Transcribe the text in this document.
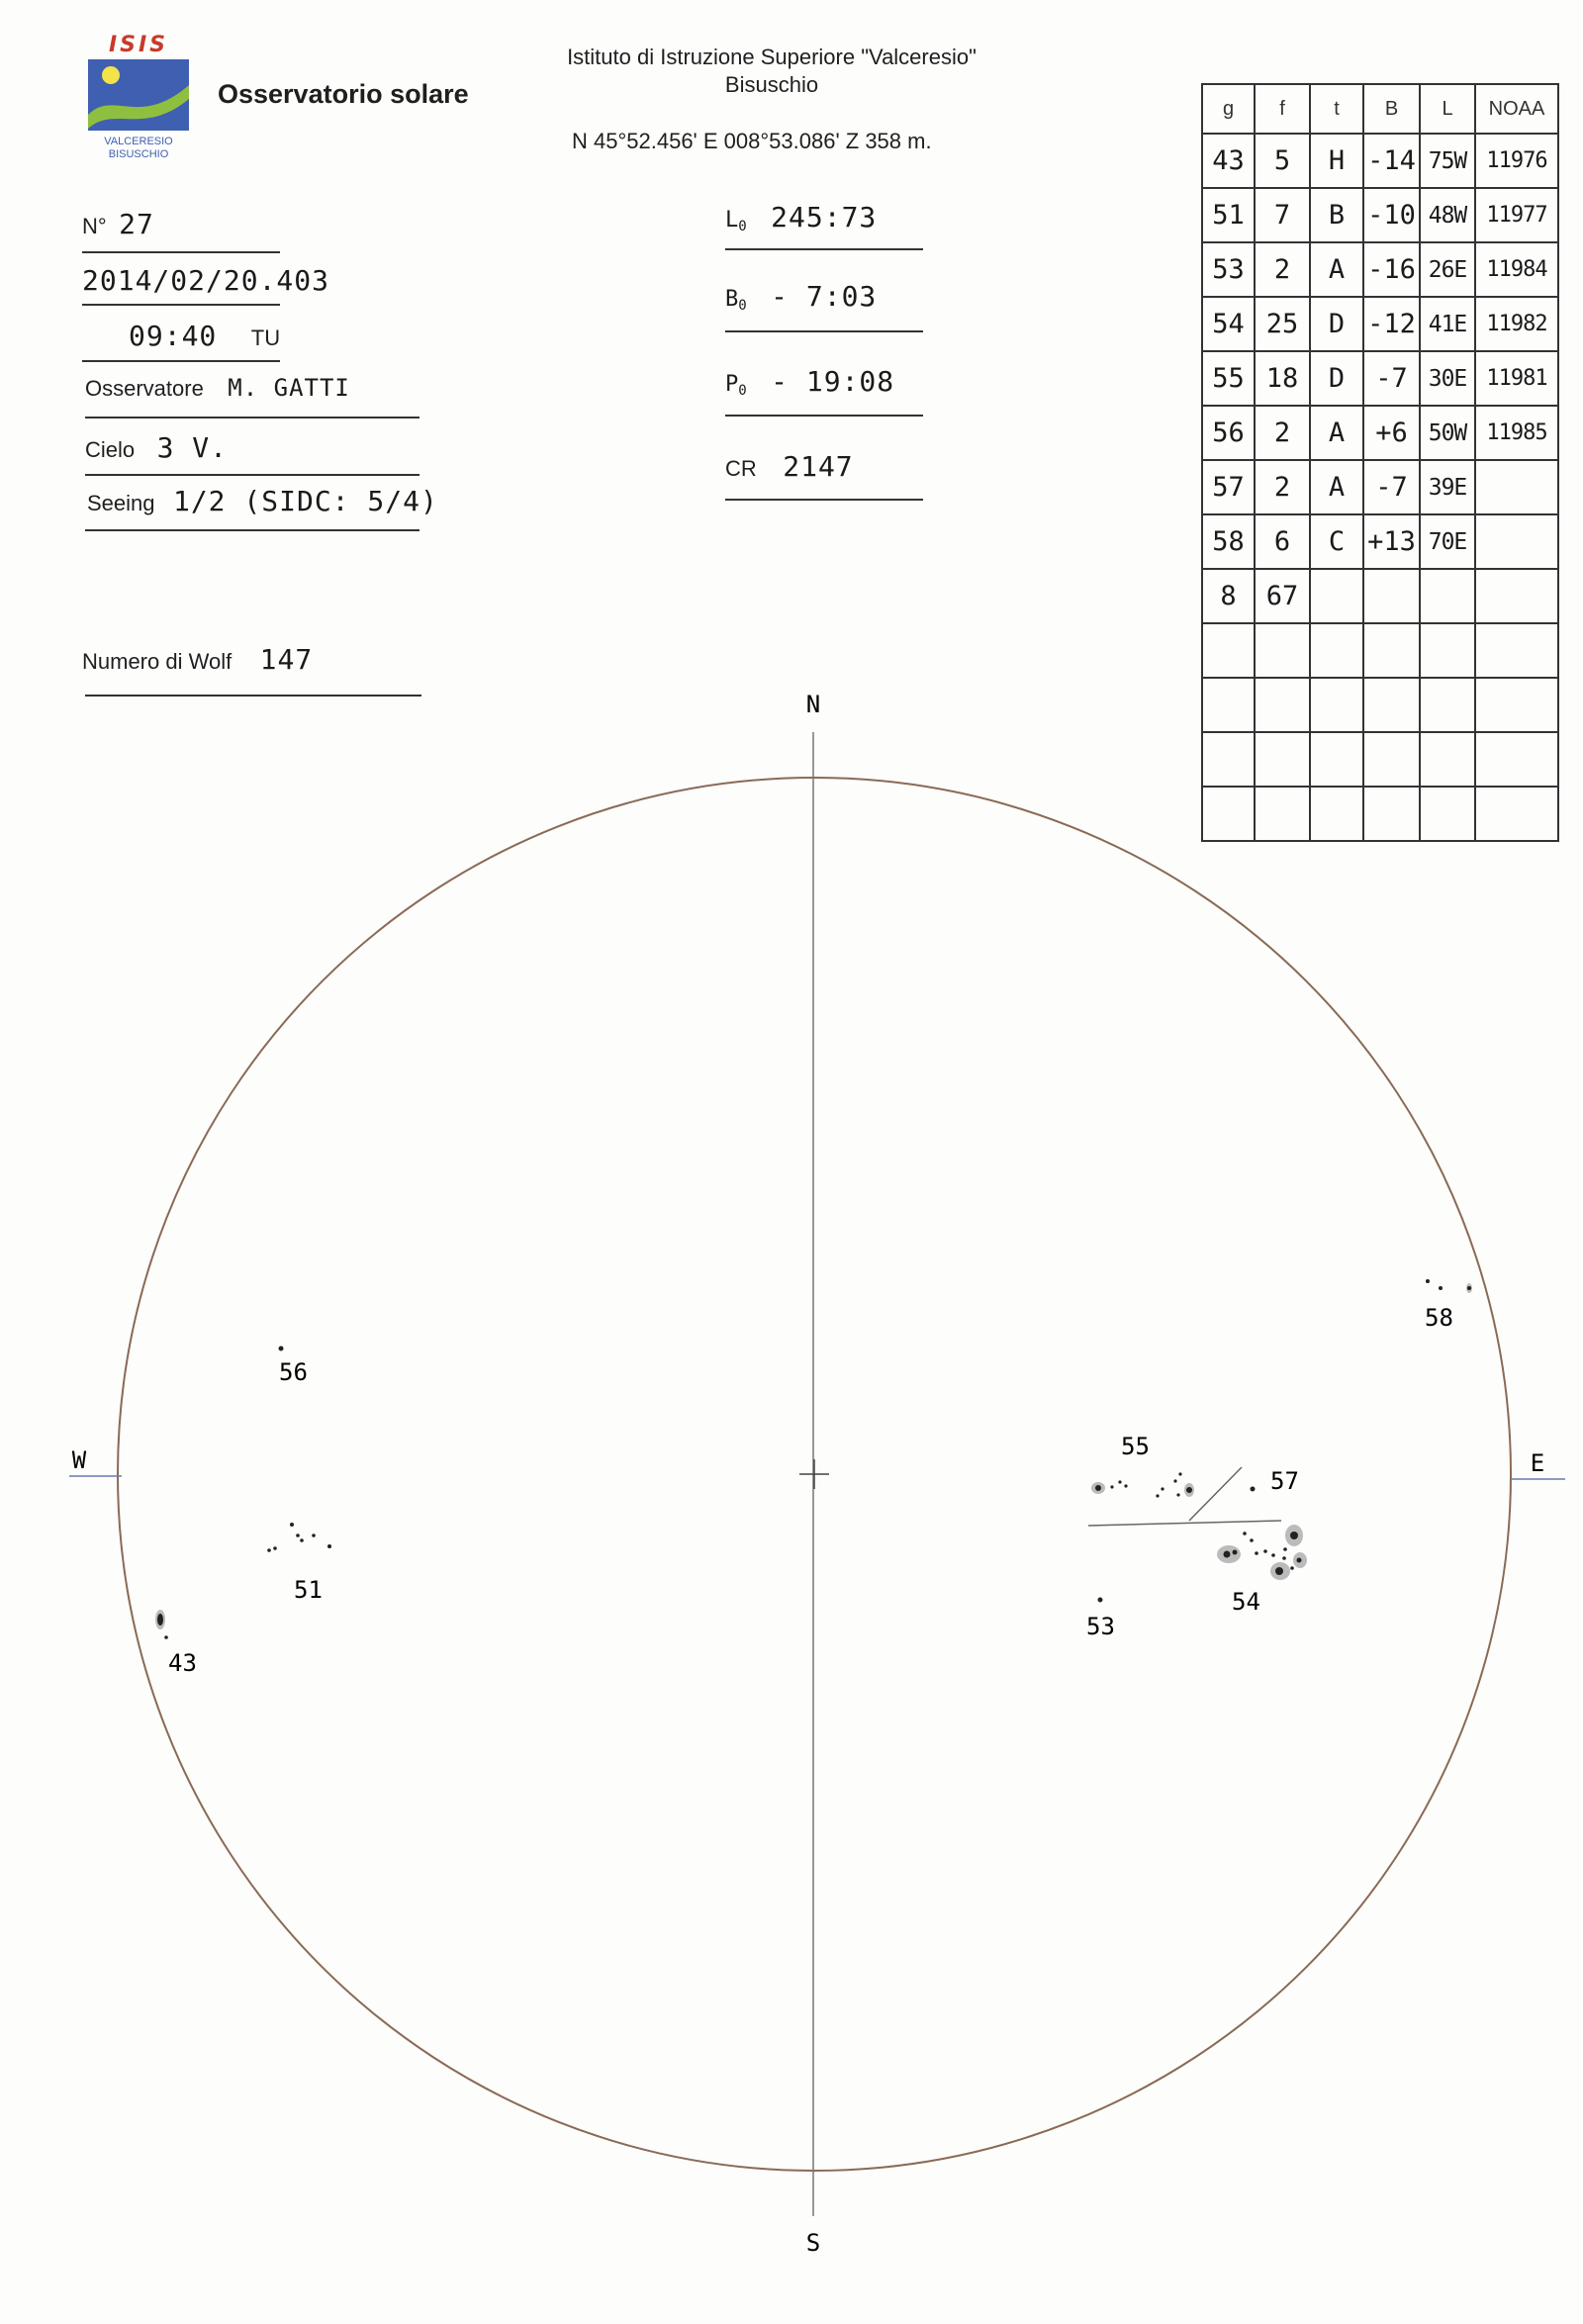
ISIS
VALCERESIO
BISUSCHIO
Osservatorio solare
Istituto di Istruzione Superiore "Valceresio"
Bisuschio
N 45°52.456' E 008°53.086' Z 358 m.
N° 27
2014/02/20.403
09:40 TU
Osservatore M. GATTI
Cielo 3 V.
Seeing 1/2 (SIDC: 5/4)
Numero di Wolf 147
$L_0$ 245:73
$B_0$ - 7:03
$P_0$ - 19:08
CR 2147
g	f	t	B	L	NOAA
43	5	H	-14	75W	11976
51	7	B	-10	48W	11977
53	2	A	-16	26E	11984
54	25	D	-12	41E	11982
55	18	D	-7	30E	11981
56	2	A	+6	50W	11985
57	2	A	-7	39E	
58	6	C	+13	70E	
8	67				

N
S
E
W
56
51
43
55
57
54
53
58
